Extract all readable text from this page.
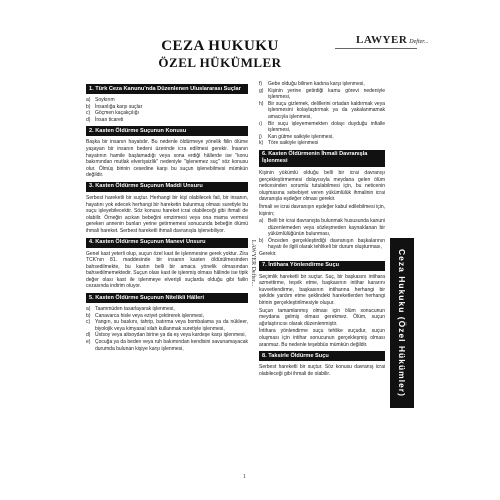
CEZA HUKUKU
ÖZEL HÜKÜMLER
LAWYER Defter...
1. Türk Ceza Kanunu'nda Düzenlenen Uluslararası Suçlar
a) Soykırım
b) İnsanlığa karşı suçlar
c) Göçmen kaçakçılığı
d) İnsan ticareti
2. Kasten Öldürme Suçunun Konusu
Başka bir insanın hayatıdır. Bu nedenle öldürmeye yönelik fiilin ölüme yaşayan bir insanın bedeni üzerinde icra edilmesi gerekir. İnsanın hayatının hamile başlamadığı veya sona erdiği hâllerde ise "konu bakımından mutlak elverişsizlik" nedeniyle "işlenemez suç" söz konusu olur. Ölmüş birinin cesedine karşı bu suçun işlenebilmesi mümkün değildir.
3. Kasten Öldürme Suçunun Maddi Unsuru
Serbest hareketli bir suçtur. Herhangi bir kişi olabilecek fail, bir insanın, hayatını yok edecek herhangi bir hareketin bulunmuş olması suretiyle bu suçu işleyebilecektir. Söz konusu hareket icrai olabileceği gibi ihmali de olabilir. Örneğin acıkan bebeğini emzirmesi veya ona mama vermesi gereken annenin bunları yerine getirmemesi sonucunda bebeğin ölümü ihmali hareket. Serbest hareketli ihmali davranışla işlenebiliyor.
4. Kasten Öldürme Suçunun Manevi Unsuru
Genel kast yeterli olup, suçun özel kast ile işlenmesine gerek yoktur. Zira TCK'nın 81. maddesinde bir insanın kasten öldürülmesinden bahsedilmekte, bu kastın belli bir amaca yönelik olmasından bahsedilmemektedir. Suçun olası kast ile işlenmiş olması hâlinde ise tipik değer olası kast ile işlenmeye elverişli suçlarda olduğu gibi failin cezasında indirim oluyor.
5. Kasten Öldürme Suçunun Nitelikli Hâlleri
a) Taammüden tasarlayarak işlenmesi,
b) Canavarca hisle veya eziyet çektirerek işlenmesi,
c) Yangın, su baskını, tahrip, batırma veya bombalama ya da nükleer, biyolojik veya kimyasal silah kullanmak suretiyle işlenmesi,
d) Üstsoy veya altsoydan birine ya da eş veya kardeşe karşı işlenmesi,
e) Çocuğa ya da beden veya ruh bakımından kendisini savunamayacak durumda bulunan kişiye karşı işlenmesi,
f)	Gebe olduğu bilinen kadına karşı işlenmesi,
g) Kişinin yerine getirdiği kamu görevi nedeniyle işlenmesi,
h) Bir suçu gizlemek, delillerini ortadan kaldırmak veya işlenmesini kolaylaştırmak ya da yakalanmamak amacıyla işlenmesi,
ı)	Bir suçu işleyememekten dolayı duyduğu infialle işlenmesi,
j)	Kan gütme saikiyle işlenmesi,
k) Töre saikiyle işlenmesi
6. Kasten Öldürmenin İhmali Davranışla İşlenmesi
Kişinin yükümlü olduğu belli bir icrai davranışı gerçekleştirmemesi dolayısıyla meydana gelen ölüm neticesinden sorumlu tutulabilmesi için, bu neticenin oluşmasına sebebiyet veren yükümlülük ihmalinin icrai davranışla eşdeğer olması gerekir.
İhmali ve icrai davranışın eşdeğer kabul edilebilmesi için, kişinin;
a) Belli bir icrai davranışta bulunmak hususunda kanuni düzenlemeden veya sözleşmeden kaynaklanan bir yükümlülüğünün bulunması,
b) Önceden gerçekleştirdiği davranışın başkalarının hayatı ile ilgili olarak tehlikeli bir durum oluşturması,
Gerekir.
7. İntihara Yönlendirme Suçu
Seçimlik hareketli bir suçtur. Suç, bir başkasını intihara azmettirme, teşvik etme, başkasının intihar kararını kuvvetlendirme, başkasının intiharına herhangi bir şekilde yardım etme şeklindeki hareketlerden herhangi birinin gerçekleştirilmesiyle oluşur.
Suçun tamamlanmış olması için ölüm sonucunun meydana gelmiş olması gerekmez. Ölüm, suçun ağırlaştırıcısı olarak düzenlenmiştir.
İntihara yönlendirme suçu tehlike suçudur, suçun oluşması için intihar sonucunun gerçekleşmiş olması aranmaz. Bu nedenle teşebbüs mümkün değildir.
8. Taksirle Öldürme Suçu
Serbest hareketli bir suçtur. Söz konusu davranış icrai olabileceği gibi ihmali de olabilir.
LAWYER Defter...	Ceza Hukuku (Özel Hükümler)
1
